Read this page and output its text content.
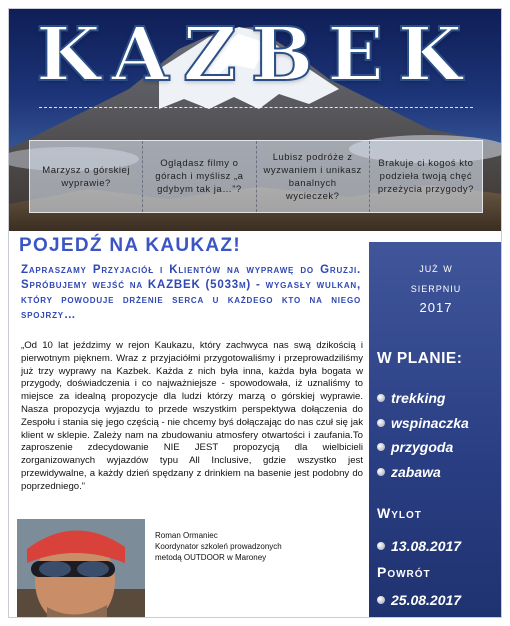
KAZBEK
Marzysz o górskiej wyprawie?
Oglądasz filmy o górach i myślisz „a gdybym tak ja…”?
Lubisz podróże z wyzwaniem i unikasz banalnych wycieczek?
Brakuje ci kogoś kto podzieła twoją chęć przeżycia przygody?
POJEDŹ NA KAUKAZ!
Zapraszamy Przyjaciół i Klientów na wyprawę do Gruzji. Spróbujemy wejść na KAZBEK (5033m) - wygasły wulkan, który powoduje drżenie serca u każdego kto na niego spojrzy…
„Od 10 lat jeździmy w rejon Kaukazu, który zachwyca nas swą dzikością i pierwotnym pięknem. Wraz z przyjaciółmi przygotowaliśmy i przeprowadziliśmy już trzy wyprawy na Kazbek. Każda z nich była inna, każda była bogata w przygody, doświadczenia i co najważniejsze - spowodowała, iż uznaliśmy to miejsce za idealną propozycje dla ludzi którzy marzą o górskiej wyprawie. Nasza propozycja wyjazdu to przede wszystkim perspektywa dołączenia do Zespołu i stania się jego częścią - nie chcemy byś dołączając do nas czuł się jak klient w sklepie. Zależy nam na zbudowaniu atmosfery otwartości i zaufania.To zaproszenie zdecydowanie NIE JEST propozycją dla wielbicieli zorganizowanych wyjazdów typu All Inclusive, gdzie wszystko jest przewidywalne, a każdy dzień spędzany z drinkiem na basenie jest podobny do poprzedniego.”
Roman Ormaniec
Koordynator szkoleń prowadzonych
metodą OUTDOOR w Maroney
już w
sierpniu
2017
W PLANIE:
trekking
wspinaczka
przygoda
zabawa
Wylot
13.08.2017
Powrót
25.08.2017
